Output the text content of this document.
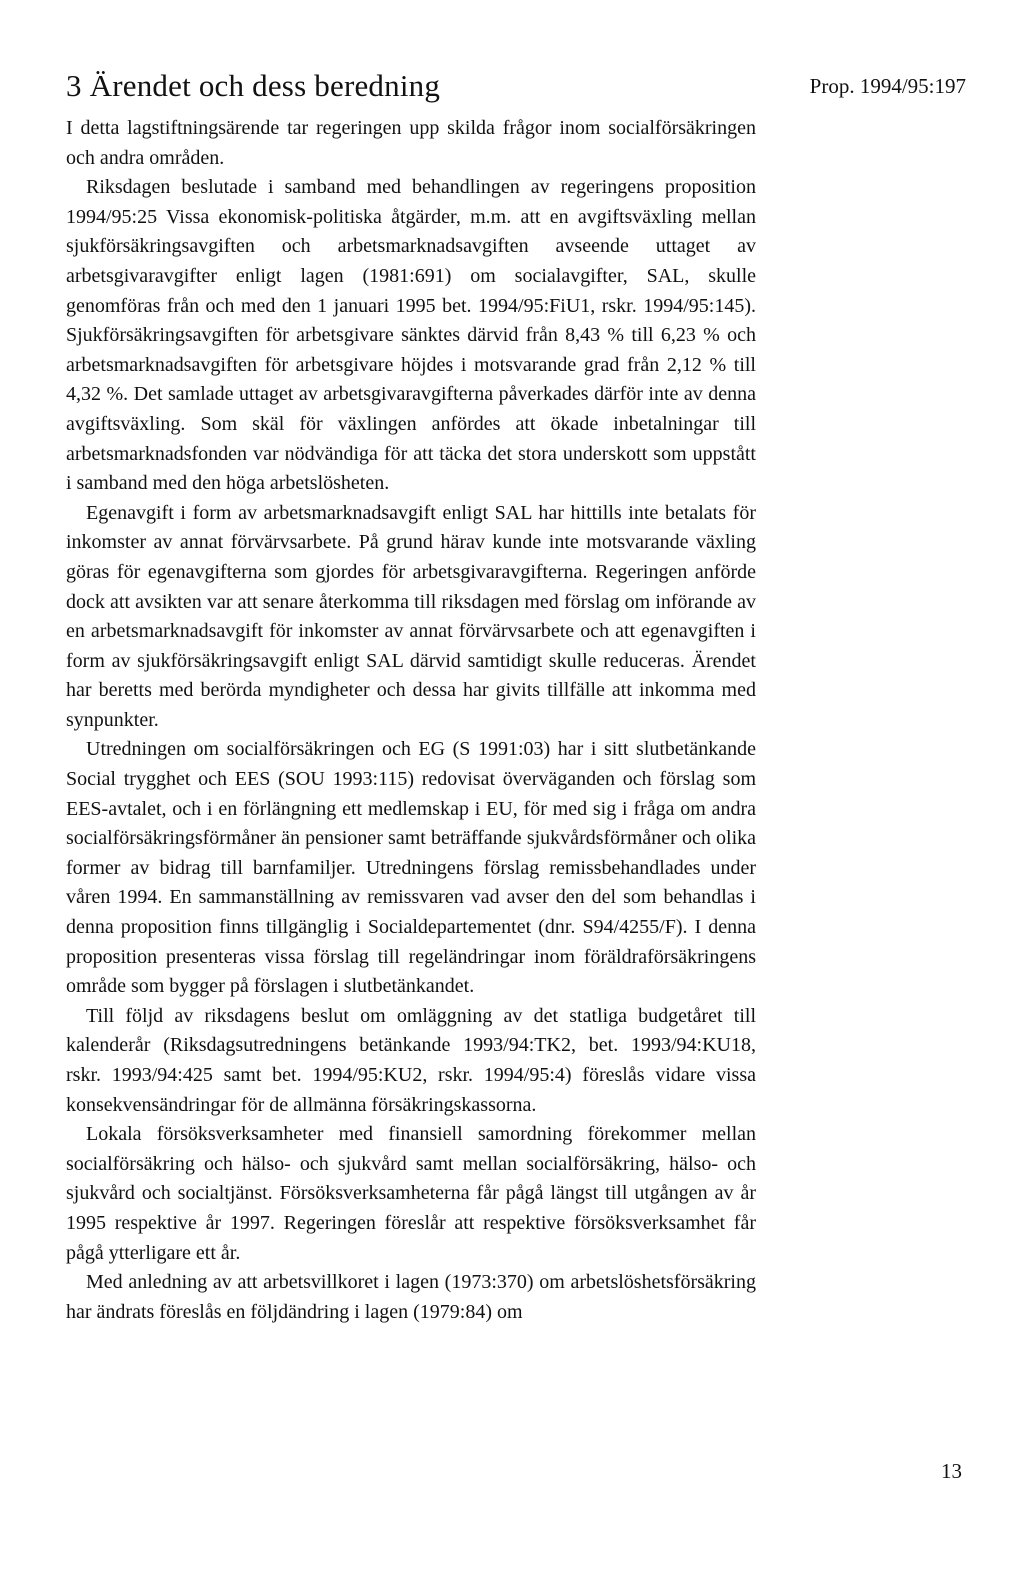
3 Ärendet och dess beredning	Prop. 1994/95:197

I detta lagstiftningsärende tar regeringen upp skilda frågor inom socialförsäkringen och andra områden.

Riksdagen beslutade i samband med behandlingen av regeringens proposition 1994/95:25 Vissa ekonomisk-politiska åtgärder, m.m. att en avgiftsväxling mellan sjukförsäkringsavgiften och arbetsmarknadsavgiften avseende uttaget av arbetsgivaravgifter enligt lagen (1981:691) om socialavgifter, SAL, skulle genomföras från och med den 1 januari 1995 bet. 1994/95:FiU1, rskr. 1994/95:145). Sjukförsäkringsavgiften för arbetsgivare sänktes därvid från 8,43 % till 6,23 % och arbetsmarknadsavgiften för arbetsgivare höjdes i motsvarande grad från 2,12 % till 4,32 %. Det samlade uttaget av arbetsgivaravgifterna påverkades därför inte av denna avgiftsväxling. Som skäl för växlingen anfördes att ökade inbetalningar till arbetsmarknadsfonden var nödvändiga för att täcka det stora underskott som uppstått i samband med den höga arbetslösheten.

Egenavgift i form av arbetsmarknadsavgift enligt SAL har hittills inte betalats för inkomster av annat förvärvsarbete. På grund härav kunde inte motsvarande växling göras för egenavgifterna som gjordes för arbetsgivaravgifterna. Regeringen anförde dock att avsikten var att senare återkomma till riksdagen med förslag om införande av en arbetsmarknadsavgift för inkomster av annat förvärvsarbete och att egenavgiften i form av sjukförsäkringsavgift enligt SAL därvid samtidigt skulle reduceras. Ärendet har beretts med berörda myndigheter och dessa har givits tillfälle att inkomma med synpunkter.

Utredningen om socialförsäkringen och EG (S 1991:03) har i sitt slutbetänkande Social trygghet och EES (SOU 1993:115) redovisat överväganden och förslag som EES-avtalet, och i en förlängning ett medlemskap i EU, för med sig i fråga om andra socialförsäkringsförmåner än pensioner samt beträffande sjukvårdsförmåner och olika former av bidrag till barnfamiljer. Utredningens förslag remissbehandlades under våren 1994. En sammanställning av remissvaren vad avser den del som behandlas i denna proposition finns tillgänglig i Socialdepartementet (dnr. S94/4255/F). I denna proposition presenteras vissa förslag till regeländringar inom föräldraförsäkringens område som bygger på förslagen i slutbetänkandet.

Till följd av riksdagens beslut om omläggning av det statliga budgetåret till kalenderår (Riksdagsutredningens betänkande 1993/94:TK2, bet. 1993/94:KU18, rskr. 1993/94:425 samt bet. 1994/95:KU2, rskr. 1994/95:4) föreslås vidare vissa konsekvensändringar för de allmänna försäkringskassorna.

Lokala försöksverksamheter med finansiell samordning förekommer mellan socialförsäkring och hälso- och sjukvård samt mellan socialförsäkring, hälso- och sjukvård och socialtjänst. Försöksverksamheterna får pågå längst till utgången av år 1995 respektive år 1997. Regeringen föreslår att respektive försöksverksamhet får pågå ytterligare ett år.

Med anledning av att arbetsvillkoret i lagen (1973:370) om arbetslöshetsförsäkring har ändrats föreslås en följdändring i lagen (1979:84) om

13
